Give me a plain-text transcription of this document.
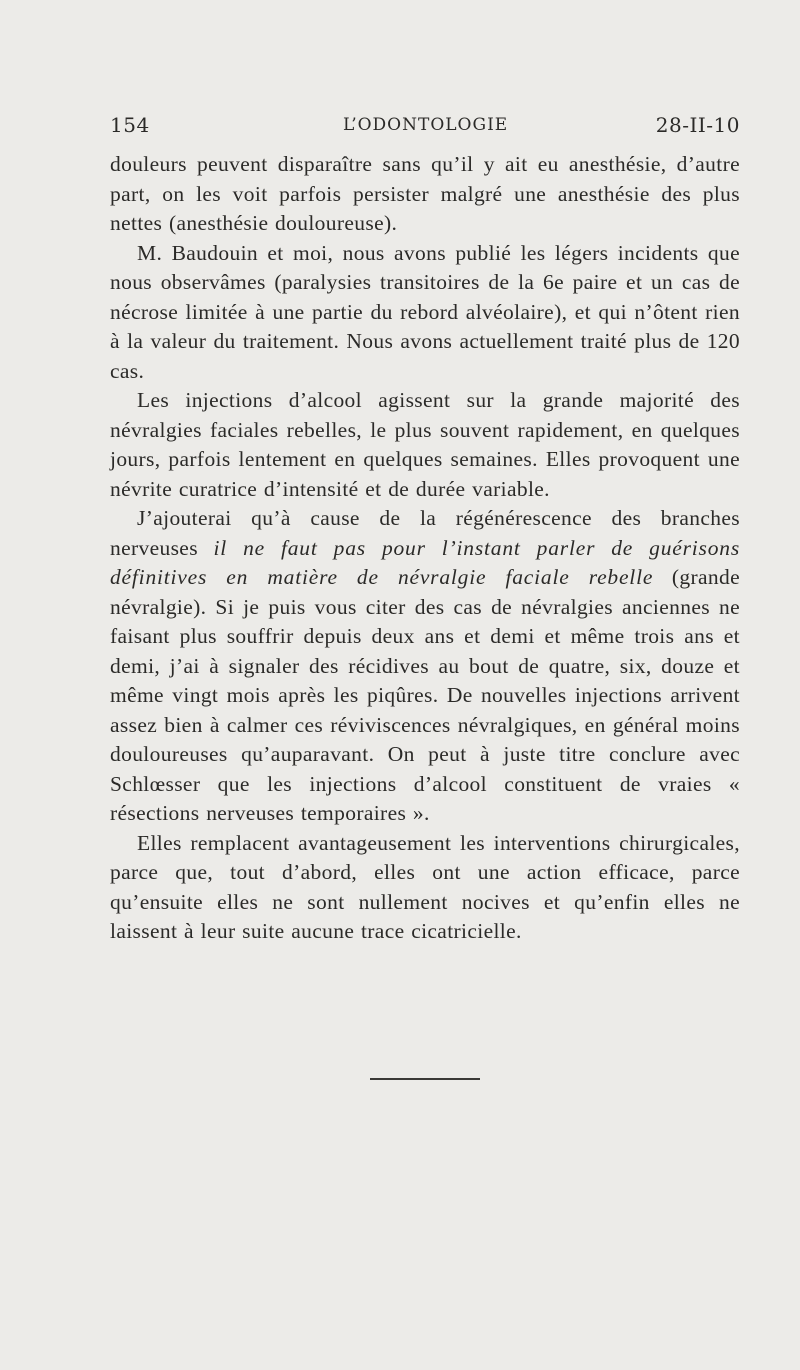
154	L’ODONTOLOGIE	28-II-10

douleurs peuvent disparaître sans qu’il y ait eu anesthésie, d’autre part, on les voit parfois persister malgré une anesthésie des plus nettes (anesthésie douloureuse).

M. Baudouin et moi, nous avons publié les légers incidents que nous observâmes (paralysies transitoires de la 6e paire et un cas de nécrose limitée à une partie du rebord alvéolaire), et qui n’ôtent rien à la valeur du traitement. Nous avons actuellement traité plus de 120 cas.

Les injections d’alcool agissent sur la grande majorité des névralgies faciales rebelles, le plus souvent rapidement, en quelques jours, parfois lentement en quelques semaines. Elles provoquent une névrite curatrice d’intensité et de durée variable.

J’ajouterai qu’à cause de la régénérescence des branches nerveuses il ne faut pas pour l’instant parler de guérisons définitives en matière de névralgie faciale rebelle (grande névralgie). Si je puis vous citer des cas de névralgies anciennes ne faisant plus souffrir depuis deux ans et demi et même trois ans et demi, j’ai à signaler des récidives au bout de quatre, six, douze et même vingt mois après les piqûres. De nouvelles injections arrivent assez bien à calmer ces réviviscences névralgiques, en général moins douloureuses qu’auparavant. On peut à juste titre conclure avec Schlœsser que les injections d’alcool constituent de vraies « résections nerveuses temporaires ».

Elles remplacent avantageusement les interventions chirurgicales, parce que, tout d’abord, elles ont une action efficace, parce qu’ensuite elles ne sont nullement nocives et qu’enfin elles ne laissent à leur suite aucune trace cicatricielle.
